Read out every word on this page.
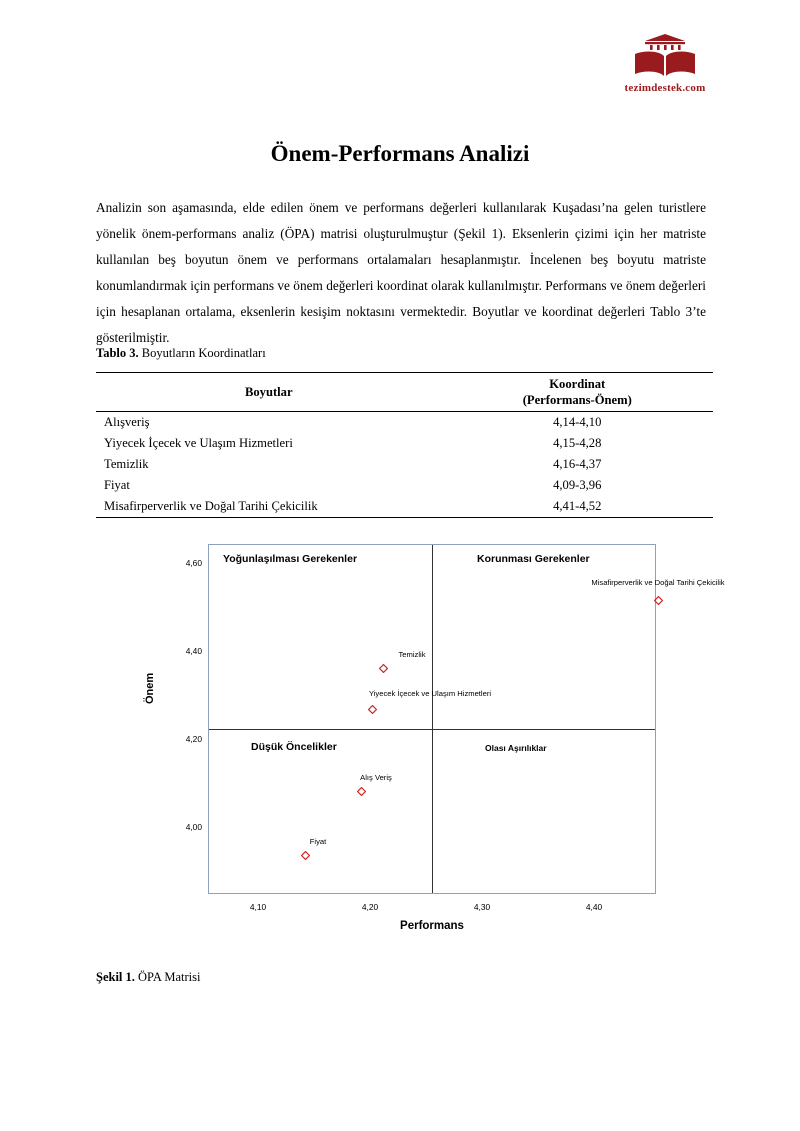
tezimdestek.com
Önem-Performans Analizi

Analizin son aşamasında, elde edilen önem ve performans değerleri kullanılarak Kuşadası’na gelen turistlere yönelik önem-performans analiz (ÖPA) matrisi oluşturulmuştur (Şekil 1). Eksenlerin çizimi için her matriste kullanılan beş boyutun önem ve performans ortalamaları hesaplanmıştır. İncelenen beş boyutu matriste konumlandırmak için performans ve önem değerleri koordinat olarak kullanılmıştır. Performans ve önem değerleri için hesaplanan ortalama, eksenlerin kesişim noktasını vermektedir. Boyutlar ve koordinat değerleri Tablo 3’te gösterilmiştir.

Tablo 3. Boyutların Koordinatları

Boyutlar	Koordinat
(Performans-Önem)

Alışveriş	4,14-4,10
Yiyecek İçecek ve Ulaşım Hizmetleri	4,15-4,28
Temizlik	4,16-4,37
Fiyat	4,09-3,96
Misafirperverlik ve Doğal Tarihi Çekicilik	4,41-4,52

Önem
Performans
Yoğunlaşılması Gerekenler	Korunması Gerekenler
Düşük Öncelikler	Olası Aşırılıklar
4,60
4,40
4,20
4,00
4,10	4,20	4,30	4,40
Misafirperverlik ve Doğal Tarihi Çekicilik
Temizlik
Yiyecek İçecek ve Ulaşım Hizmetleri
Alış Veriş
Fiyat
Şekil 1. ÖPA Matrisi
